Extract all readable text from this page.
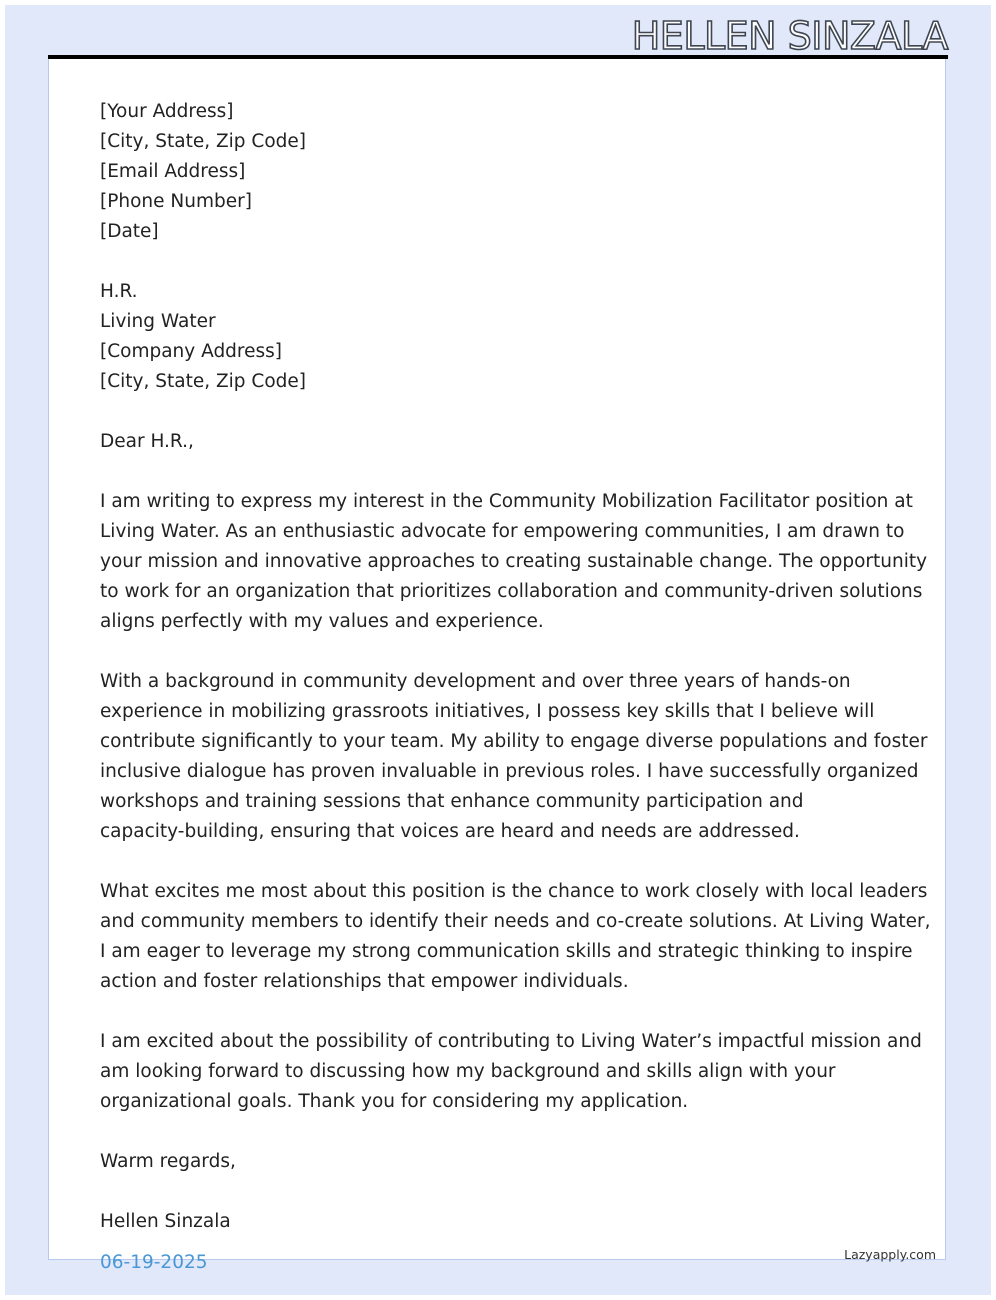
HELLEN SINZALA
[Your Address]
[City, State, Zip Code]
[Email Address]
[Phone Number]
[Date]
H.R.
Living Water
[Company Address]
[City, State, Zip Code]
Dear H.R.,
I am writing to express my interest in the Community Mobilization Facilitator position at
Living Water. As an enthusiastic advocate for empowering communities, I am drawn to
your mission and innovative approaches to creating sustainable change. The opportunity
to work for an organization that prioritizes collaboration and community-driven solutions
aligns perfectly with my values and experience.
With a background in community development and over three years of hands-on
experience in mobilizing grassroots initiatives, I possess key skills that I believe will
contribute significantly to your team. My ability to engage diverse populations and foster
inclusive dialogue has proven invaluable in previous roles. I have successfully organized
workshops and training sessions that enhance community participation and
capacity-building, ensuring that voices are heard and needs are addressed.
What excites me most about this position is the chance to work closely with local leaders
and community members to identify their needs and co-create solutions. At Living Water,
I am eager to leverage my strong communication skills and strategic thinking to inspire
action and foster relationships that empower individuals.
I am excited about the possibility of contributing to Living Water’s impactful mission and
am looking forward to discussing how my background and skills align with your
organizational goals. Thank you for considering my application.
Warm regards,
Hellen Sinzala
06-19-2025	Lazyapply.com
